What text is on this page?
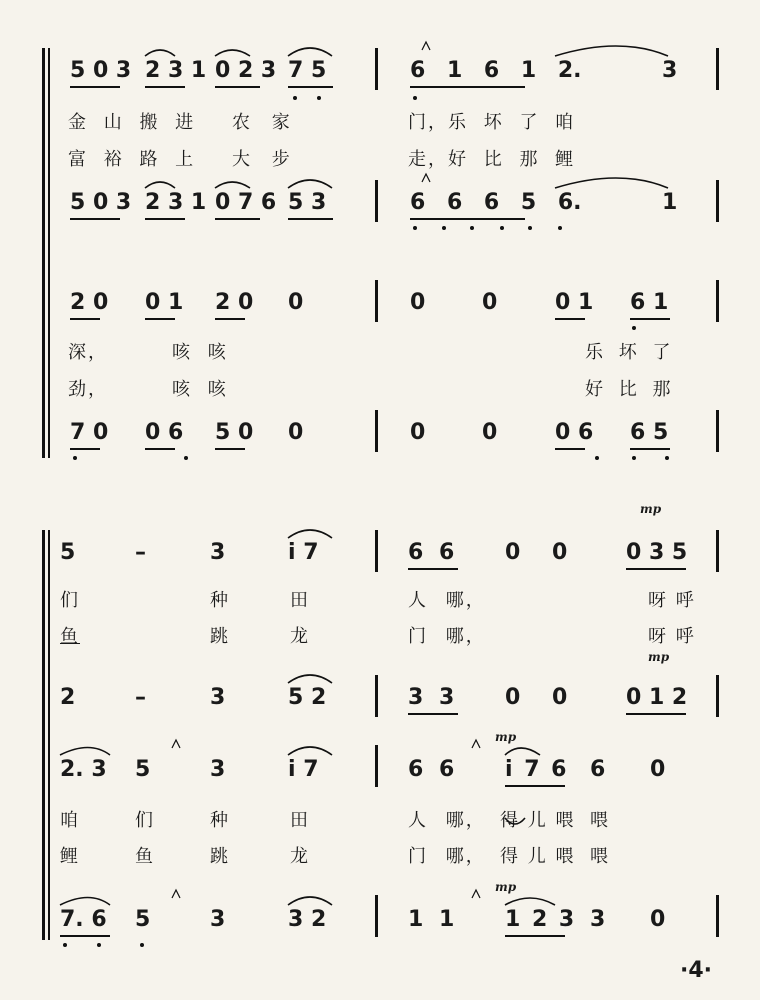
5 0 3 2 3 1 0 2 3 7 5	6 1 6 1 2.	3
金 山 搬 进 农 家	门，乐 坏 了 咱
富 裕 路 上 大 步	走，好 比 那 鲤
5 0 3 2 3 1 0 7 6 5 3	6 6 6 5 6.	1
2 0 0 1 2 0 0	0	0	0 1 6 1
深，	咳 咳	乐 坏 了
劲，	咳 咳	好 比 那
7 0 0 6 5 0 0	0	0	0 6 6 5
mp
5	–	3	i 7	6 6 0 0	0 3 5
们	种	田	人 哪，	呀 呼
鱼	跳	龙	门 哪，	呀 呼
mp
2	–	3	5 2	3 3 0 0	0 1 2
mp
2. 3 5	3	i 7	6 6 i 7 6 6 0
咱	们	种	田	人 哪， 得 儿 喂 喂
鲤	鱼	跳	龙	门 哪， 得 儿 喂 喂
mp
7. 6 5	3	3 2	1 1 1 2 3 3 0
·4·
